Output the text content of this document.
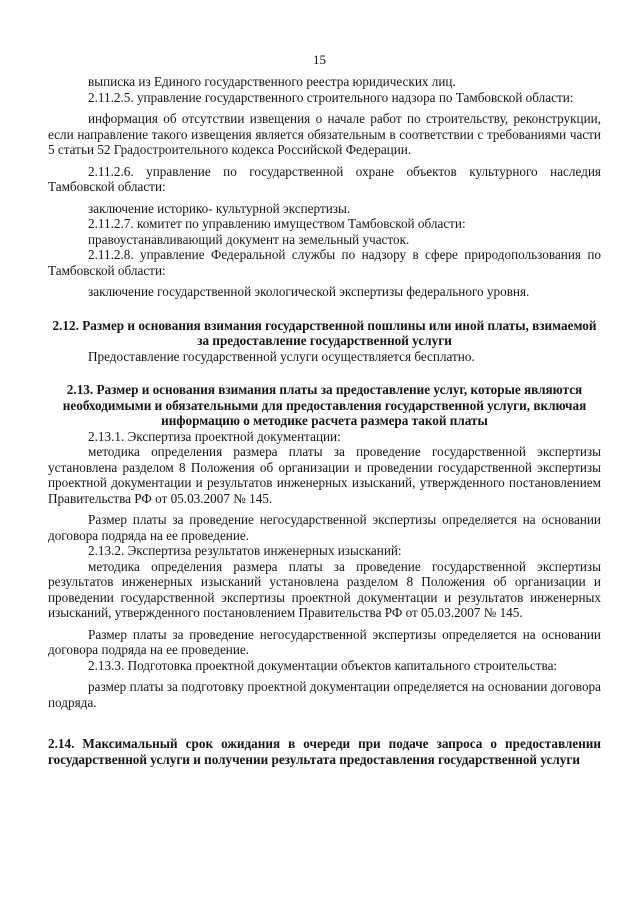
15

выписка из Единого государственного реестра юридических лиц.

2.11.2.5. управление государственного строительного надзора по Тамбовской области:

информация об отсутствии извещения о начале работ по строительству, реконструкции, если направление такого извещения является обязательным в соответствии с требованиями части 5 статьи 52 Градостроительного кодекса Российской Федерации.

2.11.2.6. управление по государственной охране объектов культурного наследия Тамбовской области:

заключение историко- культурной экспертизы.

2.11.2.7. комитет по управлению имуществом Тамбовской области:

правоустанавливающий документ на земельный участок.

2.11.2.8. управление Федеральной службы по надзору в сфере природопользования по Тамбовской области:

заключение государственной экологической экспертизы федерального уровня.

2.12. Размер и основания взимания государственной пошлины или иной платы, взимаемой за предоставление государственной услуги

Предоставление государственной услуги осуществляется бесплатно.

2.13. Размер и основания взимания платы за предоставление услуг, которые являются необходимыми и обязательными для предоставления государственной услуги, включая информацию о методике расчета размера такой платы

2.13.1. Экспертиза проектной документации:

методика определения размера платы за проведение государственной экспертизы установлена разделом 8 Положения об организации и проведении государственной экспертизы проектной документации и результатов инженерных изысканий, утвержденного постановлением Правительства РФ от 05.03.2007 № 145.

Размер платы за проведение негосударственной экспертизы определяется на основании договора подряда на ее проведение.

2.13.2. Экспертиза результатов инженерных изысканий:

методика определения размера платы за проведение государственной экспертизы результатов инженерных изысканий установлена разделом 8 Положения об организации и проведении государственной экспертизы проектной документации и результатов инженерных изысканий, утвержденного постановлением Правительства РФ от 05.03.2007 № 145.

Размер платы за проведение негосударственной экспертизы определяется на основании договора подряда на ее проведение.

2.13.3. Подготовка проектной документации объектов капитального строительства:

размер платы за подготовку проектной документации определяется на основании договора подряда.

2.14. Максимальный срок ожидания в очереди при подаче запроса о предоставлении государственной услуги и получении результата предоставления государственной услуги
